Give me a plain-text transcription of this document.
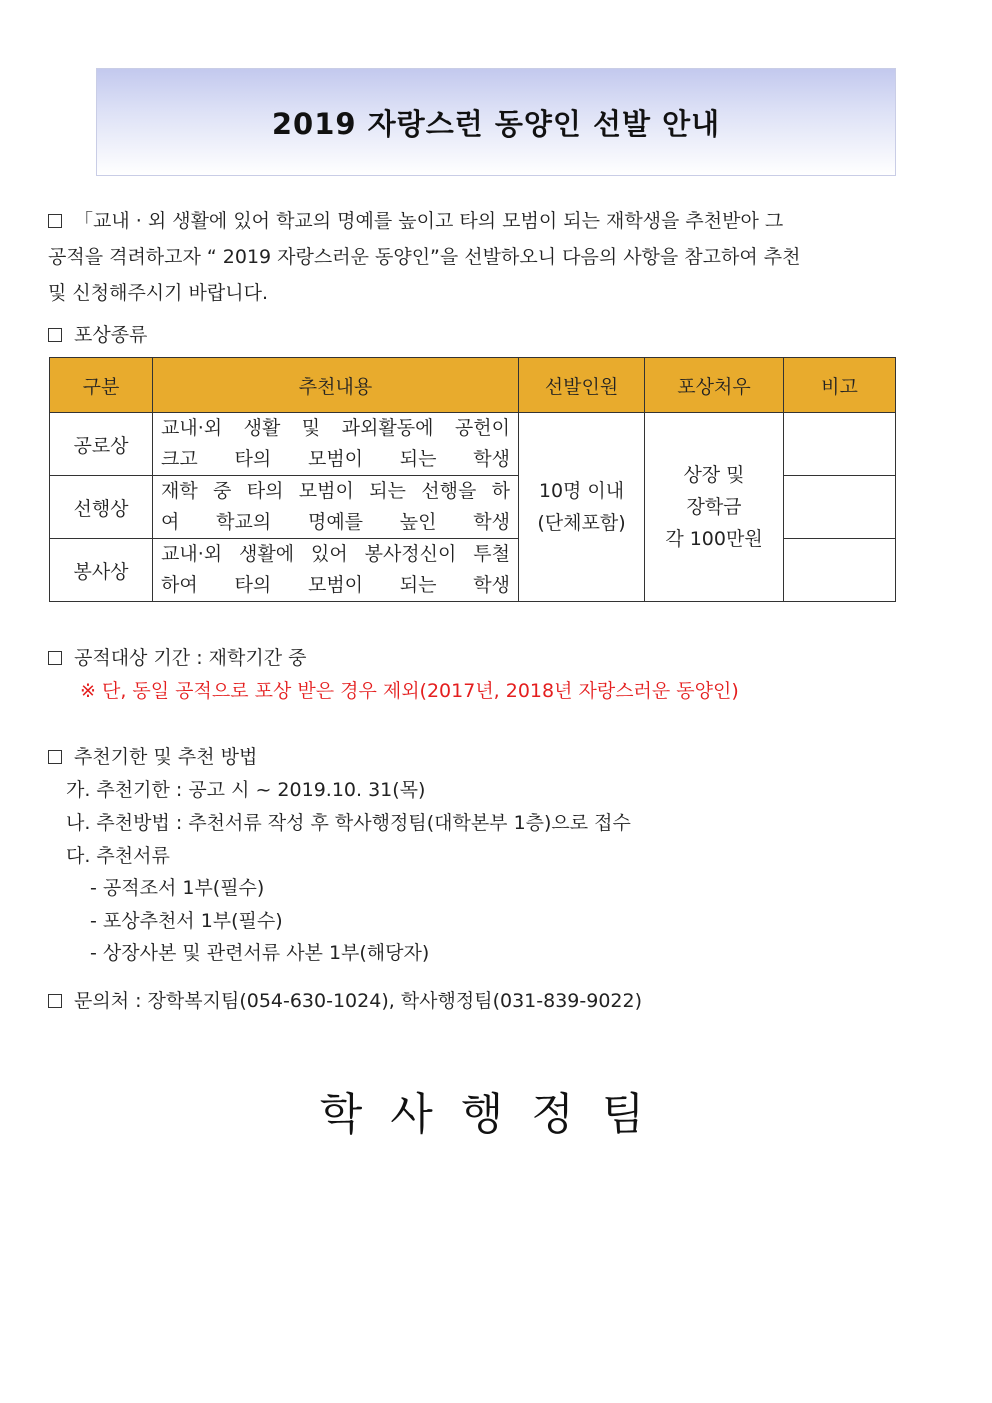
2019 자랑스런 동양인 선발 안내
「교내 · 외 생활에 있어 학교의 명예를 높이고 타의 모범이 되는 재학생을 추천받아 그
공적을 격려하고자 “ 2019 자랑스러운 동양인”을 선발하오니 다음의 사항을 참고하여 추천
및 신청해주시기 바랍니다.
포상종류
구분	추천내용	선발인원	포상처우	비고
공로상	교내·외 생활 및 과외활동에 공헌이
크고 타의 모범이 되는 학생	10명 이내
(단체포함)	상장 및
장학금
각 100만원	
선행상	재학 중 타의 모범이 되는 선행을 하
여 학교의 명예를 높인 학생			
봉사상	교내·외 생활에 있어 봉사정신이 투철
하여 타의 모범이 되는 학생			
공적대상 기간 : 재학기간 중
※ 단, 동일 공적으로 포상 받은 경우 제외(2017년, 2018년 자랑스러운 동양인)
추천기한 및 추천 방법
가. 추천기한 : 공고 시 ~ 2019.10. 31(목)
나. 추천방법 : 추천서류 작성 후 학사행정팀(대학본부 1층)으로 접수
다. 추천서류
- 공적조서 1부(필수)
- 포상추천서 1부(필수)
- 상장사본 및 관련서류 사본 1부(해당자)
문의처 : 장학복지팀(054-630-1024), 학사행정팀(031-839-9022)
학사행정팀
